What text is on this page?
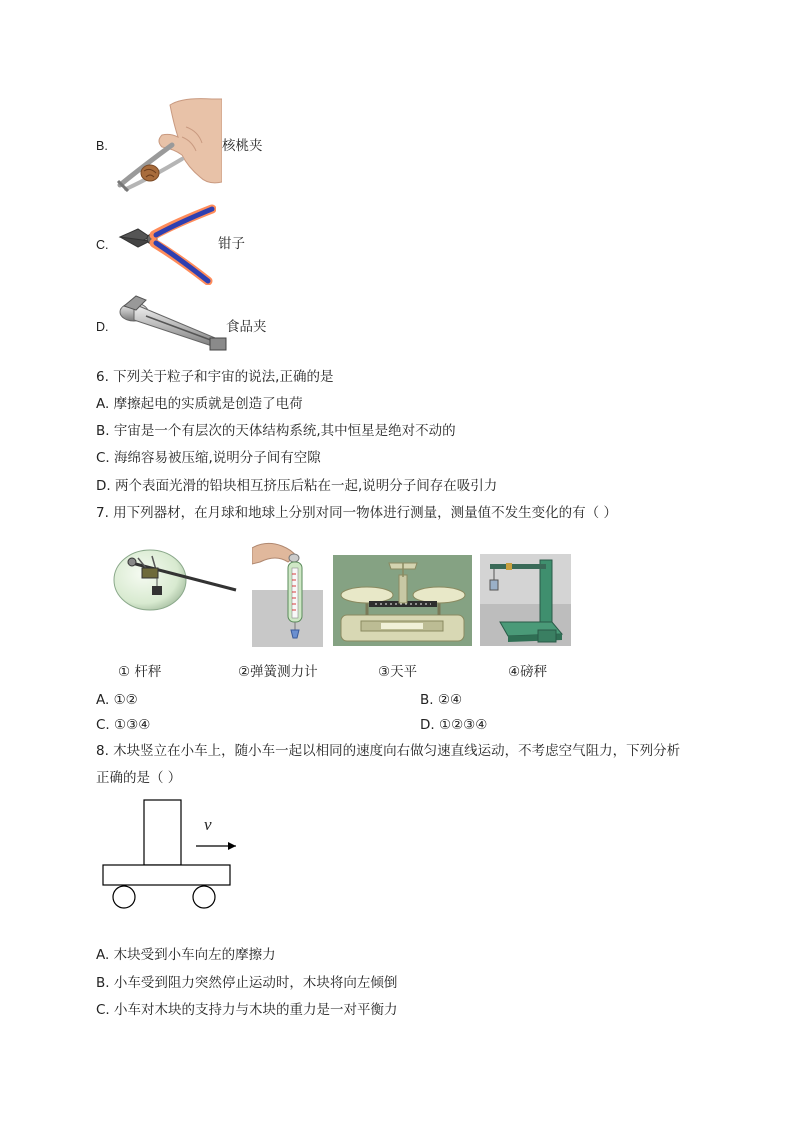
B.	核桃夹
C.	钳子
D.	食品夹
6. 下列关于粒子和宇宙的说法,正确的是
A. 摩擦起电的实质就是创造了电荷
B. 宇宙是一个有层次的天体结构系统,其中恒星是绝对不动的
C. 海绵容易被压缩,说明分子间有空隙
D. 两个表面光滑的铅块相互挤压后粘在一起,说明分子间存在吸引力
7. 用下列器材，在月球和地球上分别对同一物体进行测量，测量值不发生变化的有（ ）
① 杆秤	②弹簧测力计	③天平	④磅秤
A. ①②	B. ②④
C. ①③④	D. ①②③④
8. 木块竖立在小车上，随小车一起以相同的速度向右做匀速直线运动，不考虑空气阻力，下列分析
正确的是（ ）
v
A. 木块受到小车向左的摩擦力
B. 小车受到阻力突然停止运动时，木块将向左倾倒
C. 小车对木块的支持力与木块的重力是一对平衡力
